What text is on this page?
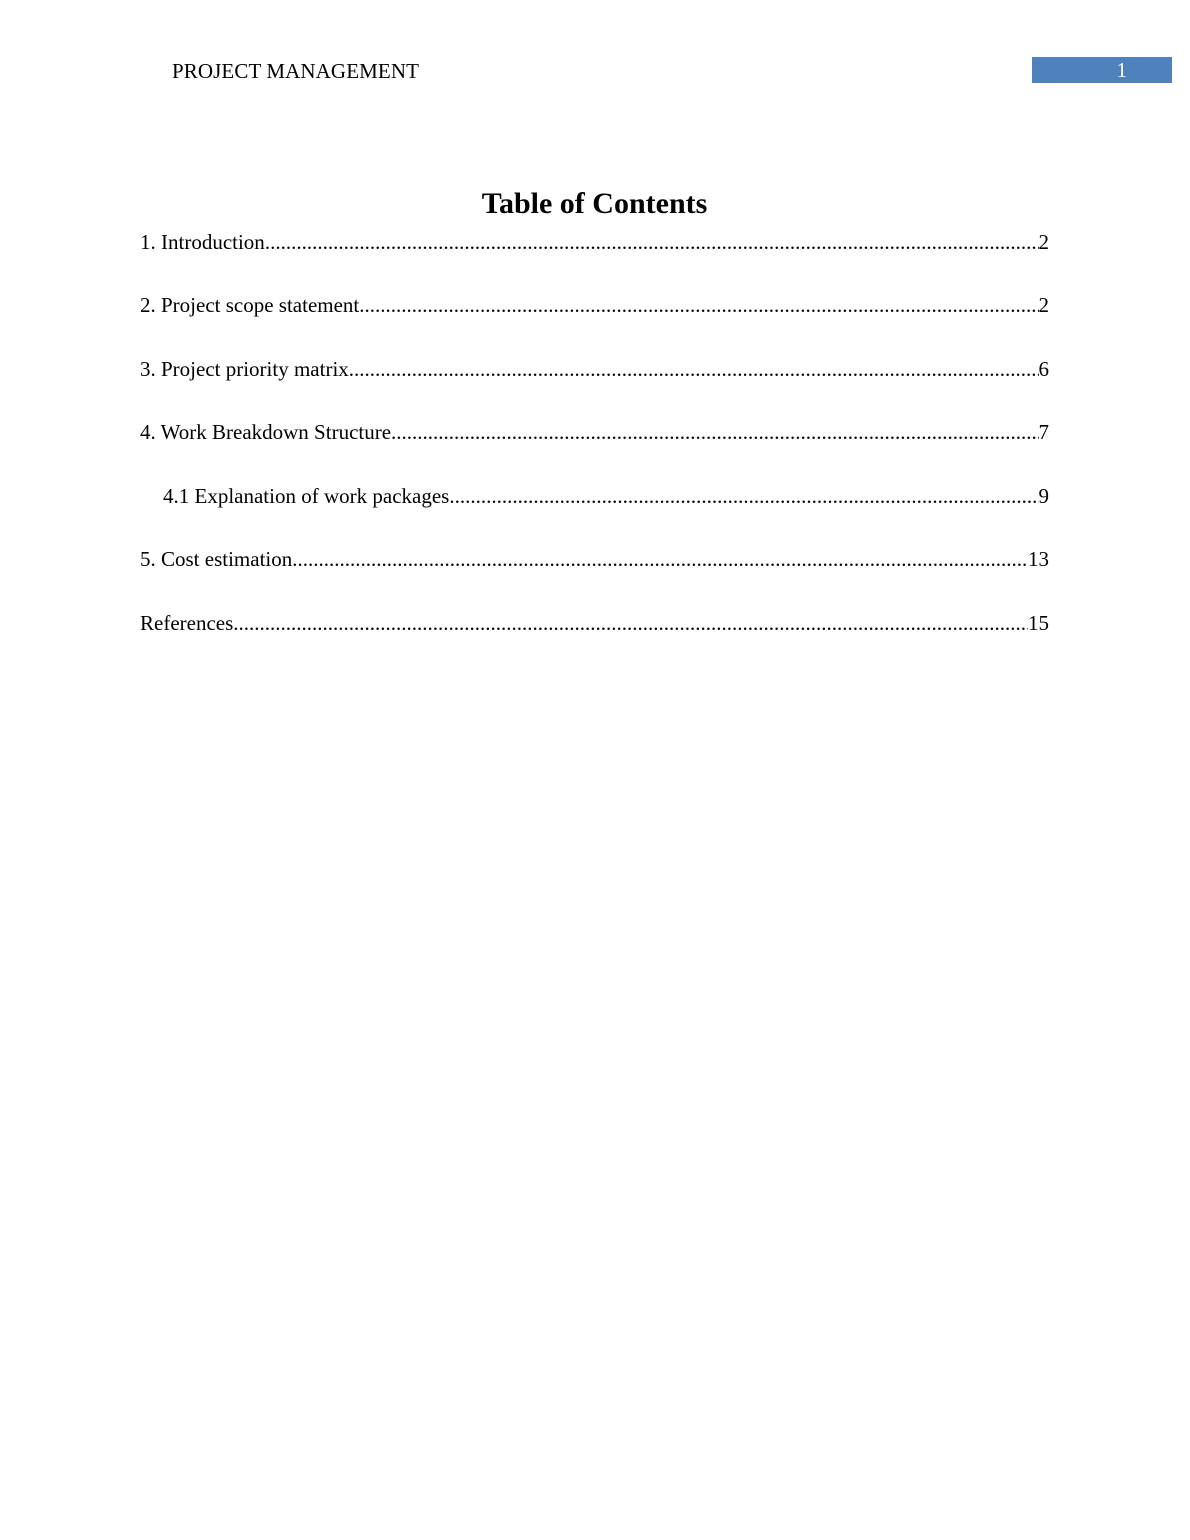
PROJECT MANAGEMENT	1
Table of Contents
1. Introduction .....	2
2. Project scope statement .....	2
3. Project priority matrix .....	6
4. Work Breakdown Structure .....	7
4.1 Explanation of work packages .....	9
5. Cost estimation .....	13
References .....	15
